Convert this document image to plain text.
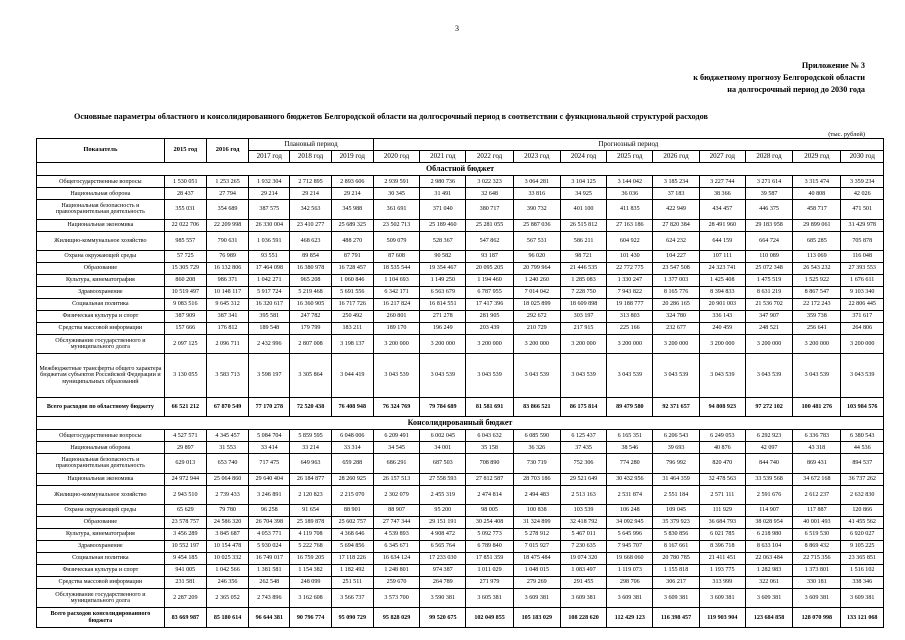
3
Приложение № 3
к бюджетному прогнозу Белгородской области
на долгосрочный период до 2030 года
Основные параметры областного и консолидированного бюджетов Белгородской области на долгосрочный период в соответствии с функциональной структурой расходов
(тыс. рублей)
Показатель	2015 год	2016 год	Плановый период			Прогнозный период										
			2017 год	2018 год	2019 год	2020 год	2021 год	2022 год	2023 год	2024 год	2025 год	2026 год	2027 год	2028 год	2029 год	2030 год
Областной бюджет																
Общегосударственные вопросы	1 530 051	1 253 265	1 932 304	2 712 895	2 893 606	2 939 591	2 980 736	3 022 323	3 064 281	3 104 125	3 144 042	3 185 234	3 227 744	3 271 614	3 315 474	3 359 234
Национальная оборона	28 437	27 794	29 214	29 214	29 214	30 345	31 491	32 648	33 816	34 925	36 036	37 183	38 366	39 587	40 808	42 026
Национальная безопасность и правоохранительная деятельность	355 031	354 689	387 575	342 563	345 988	361 691	371 040	380 717	390 732	401 100	411 835	422 949	434 457	446 375	458 717	471 501
Национальная экономика	22 022 706	22 209 998	26 330 004	23 410 277	25 689 325	23 502 713	25 189 460	25 281 055	25 887 036	26 515 812	27 163 186	27 820 384	28 491 960	29 183 958	29 899 061	31 429 978
Жилищно-коммунальное хозяйство	985 557	790 631	1 036 591	468 623	488 270	509 079	528 367	547 862	567 531	586 211	604 922	624 232	644 159	664 724	685 285	705 878
Охрана окружающей среды	57 725	76 989	93 551	89 854	87 791	87 608	90 582	93 187	96 020	98 721	101 430	104 227	107 111	110 089	113 069	116 048
Образование	15 305 729	16 132 806	17 464 098	16 380 978	16 728 457	18 535 544	19 354 467	20 095 205	20 799 964	21 446 535	22 772 775	23 547 508	24 323 741	25 072 348	26 543 232	27 393 553
Культура, кинематография	860 208	986 371	1 042 271	965 208	1 060 846	1 104 693	1 149 250	1 194 460	1 240 260	1 285 083	1 330 247	1 377 003	1 425 408	1 475 519	1 525 922	1 676 611
Здравоохранение	10 519 497	10 148 117	5 917 724	5 219 468	5 691 556	6 342 171	6 563 679	6 787 955	7 014 042	7 228 750	7 943 822	8 165 776	8 394 833	8 631 219	8 867 547	9 103 340
Социальная политика	9 083 516	9 645 312	16 320 617	16 360 905	16 717 726	16 217 824	16 814 551	17 417 396	18 025 899	18 609 898	19 188 777	20 286 165	20 901 003	21 536 702	22 172 243	22 806 445
Физическая культура и спорт	387 909	387 341	395 581	247 782	250 492	260 801	271 278	281 905	292 672	303 197	313 803	324 780	336 143	347 907	359 738	371 617
Средства массовой информации	157 666	176 812	189 548	179 799	183 211	189 170	196 249	203 439	210 729	217 915	225 166	232 677	240 459	248 521	256 641	264 806
Обслуживание государственного и муниципального долга	2 097 125	2 096 711	2 432 996	2 807 008	3 198 137	3 200 000	3 200 000	3 200 000	3 200 000	3 200 000	3 200 000	3 200 000	3 200 000	3 200 000	3 200 000	3 200 000
Межбюджетные трансферты общего характера бюджетам субъектов Российской Федерации и муниципальных образований	3 130 055	3 583 713	3 598 197	3 305 864	3 044 419	3 043 539	3 043 539	3 043 539	3 043 539	3 043 539	3 043 539	3 043 539	3 043 539	3 043 539	3 043 539	3 043 539
Всего расходов по областному бюджету	66 521 212	67 870 549	77 170 278	72 520 438	76 408 948	76 324 769	79 784 689	81 581 691	83 866 521	86 175 814	89 479 580	92 371 657	94 808 923	97 272 102	100 481 276	103 984 576
Консолидированный бюджет																
Общегосударственные вопросы	4 527 571	4 345 457	5 084 704	5 859 595	6 048 006	6 209 491	6 002 045	6 043 632	6 085 590	6 125 437	6 165 351	6 206 543	6 249 053	6 292 923	6 336 783	6 380 543
Национальная оборона	29 897	31 553	33 414	33 214	33 314	34 545	34 001	35 158	36 326	37 435	38 546	39 693	40 876	42 097	43 318	44 536
Национальная безопасность и правоохранительная деятельность	629 013	653 740	717 475	649 963	659 288	686 291	687 503	708 890	730 719	752 306	774 280	796 992	820 470	844 740	869 431	894 537
Национальная экономика	24 972 944	25 064 860	29 640 404	26 184 877	28 260 925	26 157 513	27 558 593	27 812 587	28 703 186	29 521 649	30 432 956	31 464 359	32 478 563	33 539 568	34 672 168	36 737 262
Жилищно-коммунальное хозяйство	2 943 510	2 739 433	3 246 891	2 120 823	2 215 070	2 302 079	2 455 319	2 474 814	2 494 483	2 513 163	2 531 874	2 551 184	2 571 111	2 591 676	2 612 237	2 632 830
Охрана окружающей среды	65 629	79 780	96 258	91 654	88 901	88 907	95 200	98 005	100 838	103 539	106 248	109 045	111 929	114 907	117 887	120 866
Образование	23 578 757	24 586 320	26 704 398	25 189 878	25 602 757	27 747 344	29 151 191	30 254 408	31 324 899	32 418 792	34 092 945	35 379 923	36 684 793	38 028 954	40 001 493	41 455 562
Культура, кинематография	3 456 289	3 845 687	4 053 771	4 119 708	4 368 646	4 539 893	4 908 472	5 092 773	5 278 912	5 467 011	5 645 996	5 830 856	6 021 785	6 218 980	6 519 530	6 920 027
Здравоохранение	10 552 197	10 154 478	5 930 024	5 222 768	5 694 856	6 345 671	6 565 764	6 789 840	7 015 927	7 230 635	7 945 707	8 167 661	8 396 718	8 633 104	8 869 432	9 105 225
Социальная политика	9 454 185	10 025 332	16 749 017	16 759 205	17 118 226	16 634 124	17 233 030	17 851 359	18 475 484	19 074 320	19 668 060	20 780 785	21 411 451	22 063 484	22 715 356	23 365 851
Физическая культура и спорт	941 005	1 042 566	1 381 581	1 154 382	1 182 492	1 248 801	974 387	1 011 029	1 048 015	1 083 497	1 119 073	1 155 818	1 193 775	1 282 983	1 373 801	1 516 102
Средства массовой информации	231 581	246 356	262 548	248 099	251 511	259 670	264 789	271 979	279 269	291 455	298 706	306 217	313 999	322 061	330 181	338 346
Обслуживание государственного и муниципального долга	2 287 209	2 365 052	2 743 896	3 162 608	3 566 737	3 573 700	3 590 381	3 605 381	3 609 381	3 609 381	3 609 381	3 609 381	3 609 381	3 609 381	3 609 381	3 609 381
Всего расходов консолидированного бюджета	83 669 987	85 180 614	96 644 381	90 796 774	95 090 729	95 828 029	99 520 675	102 049 855	105 183 029	108 228 620	112 429 123	116 398 457	119 903 904	123 684 858	128 070 998	133 121 068
